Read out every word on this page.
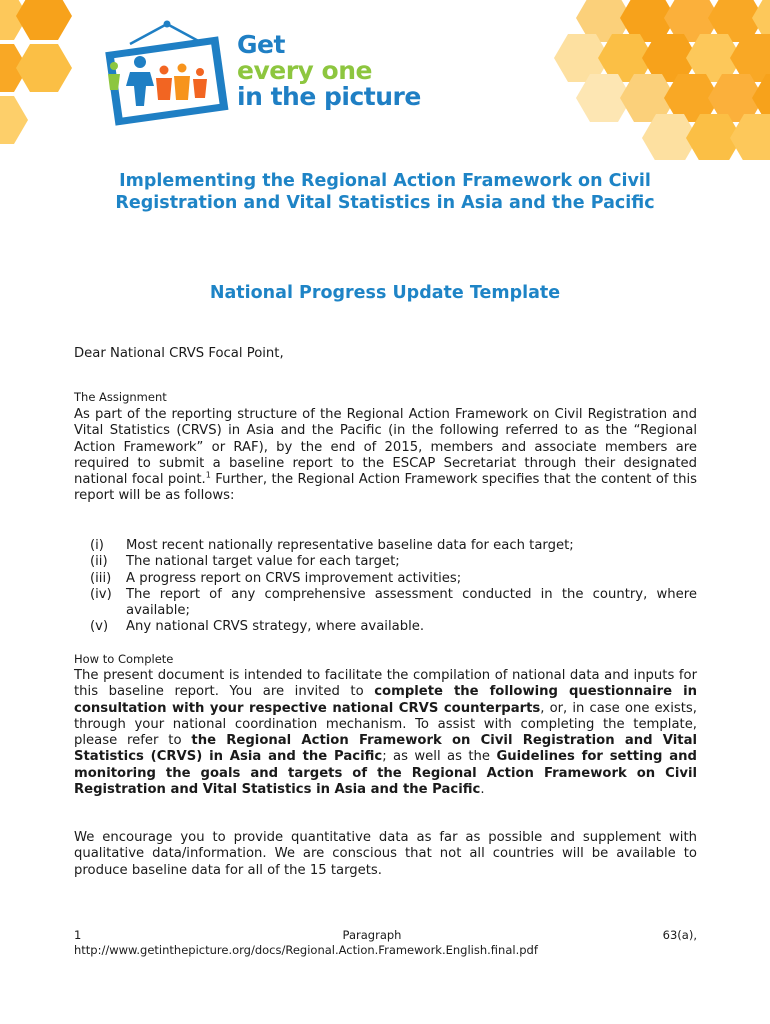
Get
every one
in the picture
Implementing the Regional Action Framework on Civil Registration and Vital Statistics in Asia and the Pacific
National Progress Update Template
Dear National CRVS Focal Point,
The Assignment
As part of the reporting structure of the Regional Action Framework on Civil Registration and Vital Statistics (CRVS) in Asia and the Pacific (in the following referred to as the “Regional Action Framework” or RAF), by the end of 2015, members and associate members are required to submit a baseline report to the ESCAP Secretariat through their designated national focal point.$^1$ Further, the Regional Action Framework specifies that the content of this report will be as follows:
(i)	Most recent nationally representative baseline data for each target;
(ii)	The national target value for each target;
(iii)	A progress report on CRVS improvement activities;
(iv)	The report of any comprehensive assessment conducted in the country, where available;
(v)	Any national CRVS strategy, where available.
How to Complete
The present document is intended to facilitate the compilation of national data and inputs for this baseline report. You are invited to complete the following questionnaire in consultation with your respective national CRVS counterparts, or, in case one exists, through your national coordination mechanism. To assist with completing the template, please refer to the Regional Action Framework on Civil Registration and Vital Statistics (CRVS) in Asia and the Pacific; as well as the Guidelines for setting and monitoring the goals and targets of the Regional Action Framework on Civil Registration and Vital Statistics in Asia and the Pacific.
We encourage you to provide quantitative data as far as possible and supplement with qualitative data/information. We are conscious that not all countries will be available to produce baseline data for all of the 15 targets.
1	Paragraph	63(a),
http://www.getinthepicture.org/docs/Regional.Action.Framework.English.final.pdf
